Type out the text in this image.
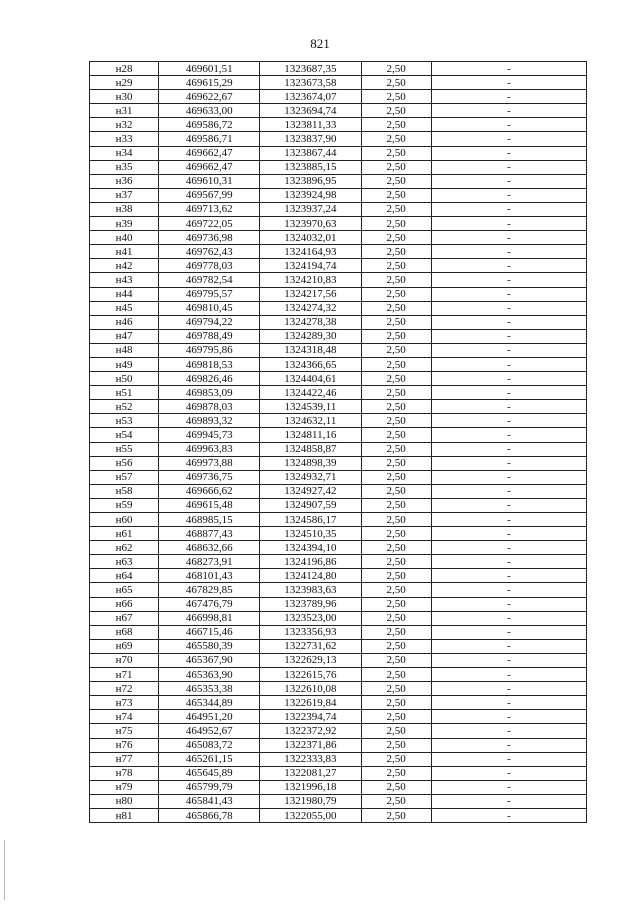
821
н28	469601,51	1323687,35	2,50	-
н29	469615,29	1323673,58	2,50	-
н30	469622,67	1323674,07	2,50	-
н31	469633,00	1323694,74	2,50	-
н32	469586,72	1323811,33	2,50	-
н33	469586,71	1323837,90	2,50	-
н34	469662,47	1323867,44	2,50	-
н35	469662,47	1323885,15	2,50	-
н36	469610,31	1323896,95	2,50	-
н37	469567,99	1323924,98	2,50	-
н38	469713,62	1323937,24	2,50	-
н39	469722,05	1323970,63	2,50	-
н40	469736,98	1324032,01	2,50	-
н41	469762,43	1324164,93	2,50	-
н42	469778,03	1324194,74	2,50	-
н43	469782,54	1324210,83	2,50	-
н44	469795,57	1324217,56	2,50	-
н45	469810,45	1324274,32	2,50	-
н46	469794,22	1324278,38	2,50	-
н47	469788,49	1324289,30	2,50	-
н48	469795,86	1324318,48	2,50	-
н49	469818,53	1324366,65	2,50	-
н50	469826,46	1324404,61	2,50	-
н51	469853,09	1324422,46	2,50	-
н52	469878,03	1324539,11	2,50	-
н53	469893,32	1324632,11	2,50	-
н54	469945,73	1324811,16	2,50	-
н55	469963,83	1324858,87	2,50	-
н56	469973,88	1324898,39	2,50	-
н57	469736,75	1324932,71	2,50	-
н58	469666,62	1324927,42	2,50	-
н59	469615,48	1324907,59	2,50	-
н60	468985,15	1324586,17	2,50	-
н61	468877,43	1324510,35	2,50	-
н62	468632,66	1324394,10	2,50	-
н63	468273,91	1324196,86	2,50	-
н64	468101,43	1324124,80	2,50	-
н65	467829,85	1323983,63	2,50	-
н66	467476,79	1323789,96	2,50	-
н67	466998,81	1323523,00	2,50	-
н68	466715,46	1323356,93	2,50	-
н69	465580,39	1322731,62	2,50	-
н70	465367,90	1322629,13	2,50	-
н71	465363,90	1322615,76	2,50	-
н72	465353,38	1322610,08	2,50	-
н73	465344,89	1322619,84	2,50	-
н74	464951,20	1322394,74	2,50	-
н75	464952,67	1322372,92	2,50	-
н76	465083,72	1322371,86	2,50	-
н77	465261,15	1322333,83	2,50	-
н78	465645,89	1322081,27	2,50	-
н79	465799,79	1321996,18	2,50	-
н80	465841,43	1321980,79	2,50	-
н81	465866,78	1322055,00	2,50	-
